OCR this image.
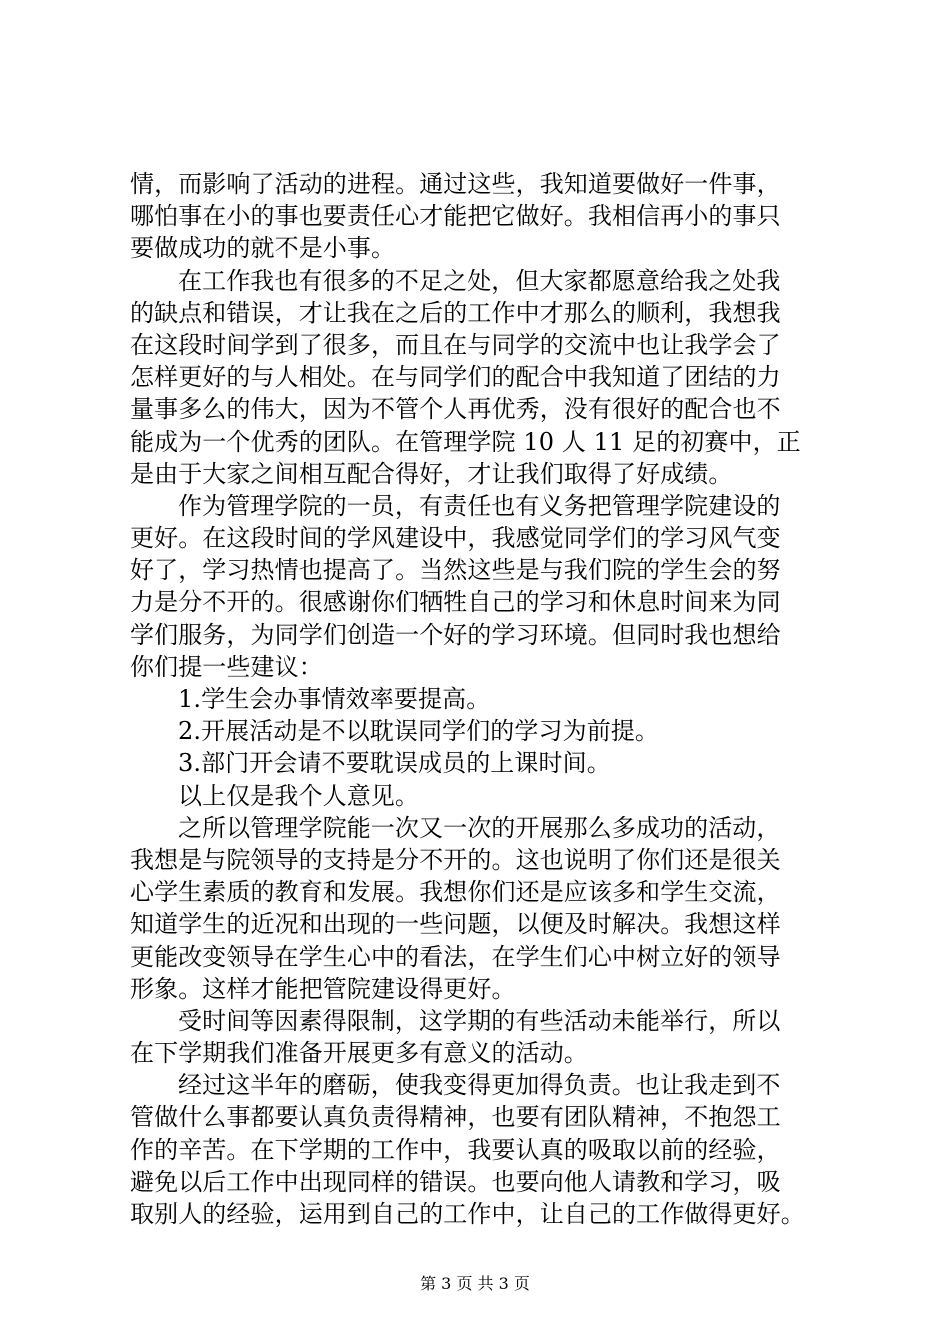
情，而影响了活动的进程。通过这些，我知道要做好一件事，
哪怕事在小的事也要责任心才能把它做好。我相信再小的事只
要做成功的就不是小事。
在工作我也有很多的不足之处，但大家都愿意给我之处我
的缺点和错误，才让我在之后的工作中才那么的顺利，我想我
在这段时间学到了很多，而且在与同学的交流中也让我学会了
怎样更好的与人相处。在与同学们的配合中我知道了团结的力
量事多么的伟大，因为不管个人再优秀，没有很好的配合也不
能成为一个优秀的团队。在管理学院 10 人 11 足的初赛中，正
是由于大家之间相互配合得好，才让我们取得了好成绩。
作为管理学院的一员，有责任也有义务把管理学院建设的
更好。在这段时间的学风建设中，我感觉同学们的学习风气变
好了，学习热情也提高了。当然这些是与我们院的学生会的努
力是分不开的。很感谢你们牺牲自己的学习和休息时间来为同
学们服务，为同学们创造一个好的学习环境。但同时我也想给
你们提一些建议：
1.学生会办事情效率要提高。
2.开展活动是不以耽误同学们的学习为前提。
3.部门开会请不要耽误成员的上课时间。
以上仅是我个人意见。
之所以管理学院能一次又一次的开展那么多成功的活动，
我想是与院领导的支持是分不开的。这也说明了你们还是很关
心学生素质的教育和发展。我想你们还是应该多和学生交流，
知道学生的近况和出现的一些问题，以便及时解决。我想这样
更能改变领导在学生心中的看法，在学生们心中树立好的领导
形象。这样才能把管院建设得更好。
受时间等因素得限制，这学期的有些活动未能举行，所以
在下学期我们准备开展更多有意义的活动。
经过这半年的磨砺，使我变得更加得负责。也让我走到不
管做什么事都要认真负责得精神，也要有团队精神，不抱怨工
作的辛苦。在下学期的工作中，我要认真的吸取以前的经验，
避免以后工作中出现同样的错误。也要向他人请教和学习，吸
取别人的经验，运用到自己的工作中，让自己的工作做得更好。
第 3 页 共 3 页
